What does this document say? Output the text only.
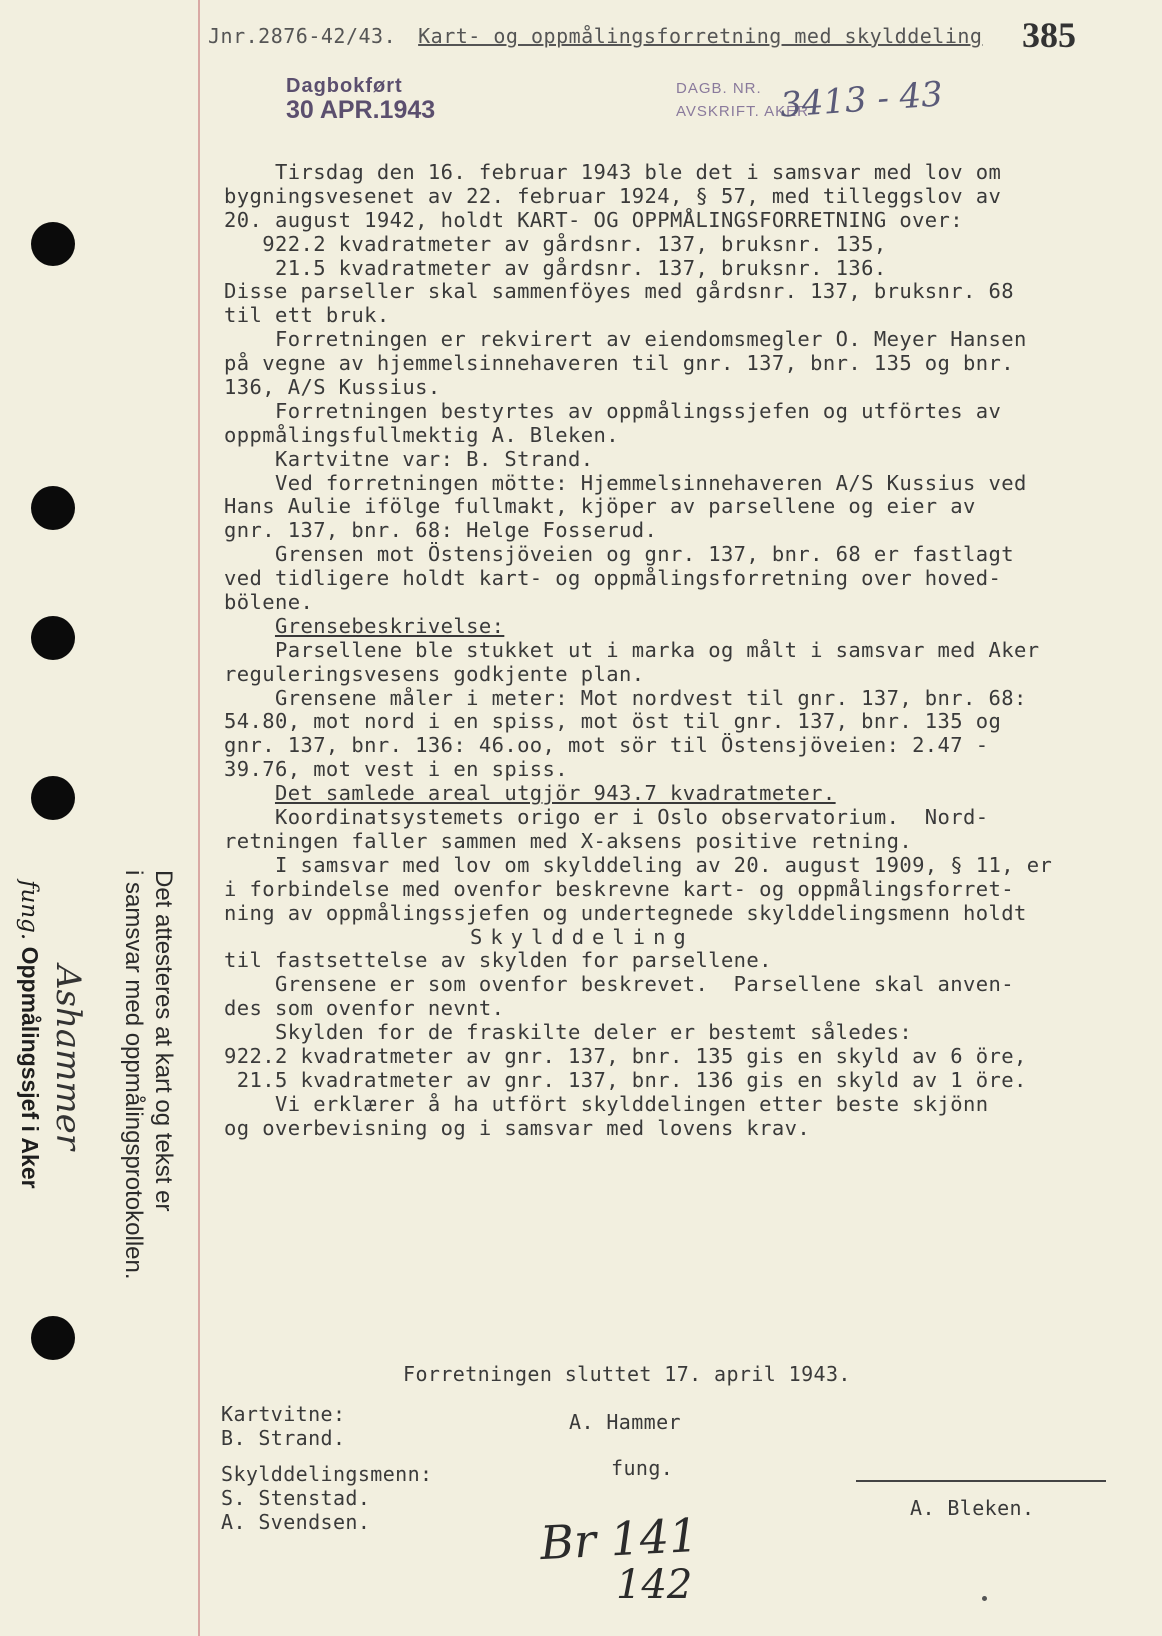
Jnr.2876-42/43. Kart- og oppmålingsforretning med skylddeling 385
Dagbokført
30 APR.1943
DAGB. NR.
AVSKRIFT. AKER
3413 - 43
Tirsdag den 16. februar 1943 ble det i samsvar med lov om
bygningsvesenet av 22. februar 1924, § 57, med tilleggslov av
20. august 1942, holdt KART- OG OPPMÅLINGSFORRETNING over:
922.2 kvadratmeter av gårdsnr. 137, bruksnr. 135,
21.5 kvadratmeter av gårdsnr. 137, bruksnr. 136.
Disse parseller skal sammenföyes med gårdsnr. 137, bruksnr. 68
til ett bruk.
Forretningen er rekvirert av eiendomsmegler O. Meyer Hansen
på vegne av hjemmelsinnehaveren til gnr. 137, bnr. 135 og bnr.
136, A/S Kussius.
Forretningen bestyrtes av oppmålingssjefen og utförtes av
oppmålingsfullmektig A. Bleken.
Kartvitne var: B. Strand.
Ved forretningen mötte: Hjemmelsinnehaveren A/S Kussius ved
Hans Aulie ifölge fullmakt, kjöper av parsellene og eier av
gnr. 137, bnr. 68: Helge Fosserud.
Grensen mot Östensjöveien og gnr. 137, bnr. 68 er fastlagt
ved tidligere holdt kart- og oppmålingsforretning over hoved-
bölene.
Grensebeskrivelse:
Parsellene ble stukket ut i marka og målt i samsvar med Aker
reguleringsvesens godkjente plan.
Grensene måler i meter: Mot nordvest til gnr. 137, bnr. 68:
54.80, mot nord i en spiss, mot öst til gnr. 137, bnr. 135 og
gnr. 137, bnr. 136: 46.oo, mot sör til Östensjöveien: 2.47 -
39.76, mot vest i en spiss.
Det samlede areal utgjör 943.7 kvadratmeter.
Koordinatsystemets origo er i Oslo observatorium.  Nord-
retningen faller sammen med X-aksens positive retning.
I samsvar med lov om skylddeling av 20. august 1909, § 11, er
i forbindelse med ovenfor beskrevne kart- og oppmålingsforret-
ning av oppmålingssjefen og undertegnede skylddelingsmenn holdt
Skylddeling
til fastsettelse av skylden for parsellene.
Grensene er som ovenfor beskrevet.  Parsellene skal anven-
des som ovenfor nevnt.
Skylden for de fraskilte deler er bestemt således:
922.2 kvadratmeter av gnr. 137, bnr. 135 gis en skyld av 6 öre,
21.5 kvadratmeter av gnr. 137, bnr. 136 gis en skyld av 1 öre.
Vi erklærer å ha utfört skylddelingen etter beste skjönn
og overbevisning og i samsvar med lovens krav.
Forretningen sluttet 17. april 1943.
Kartvitne:
B. Strand.
A. Hammer
fung.
Skylddelingsmenn:
S. Stenstad.
A. Svendsen.
A. Bleken.
Br 141
142
Det attesteres at kart og tekst er
i samsvar med oppmålingsprotokollen.
Ashammer
fung. Oppmålingssjef i Aker
